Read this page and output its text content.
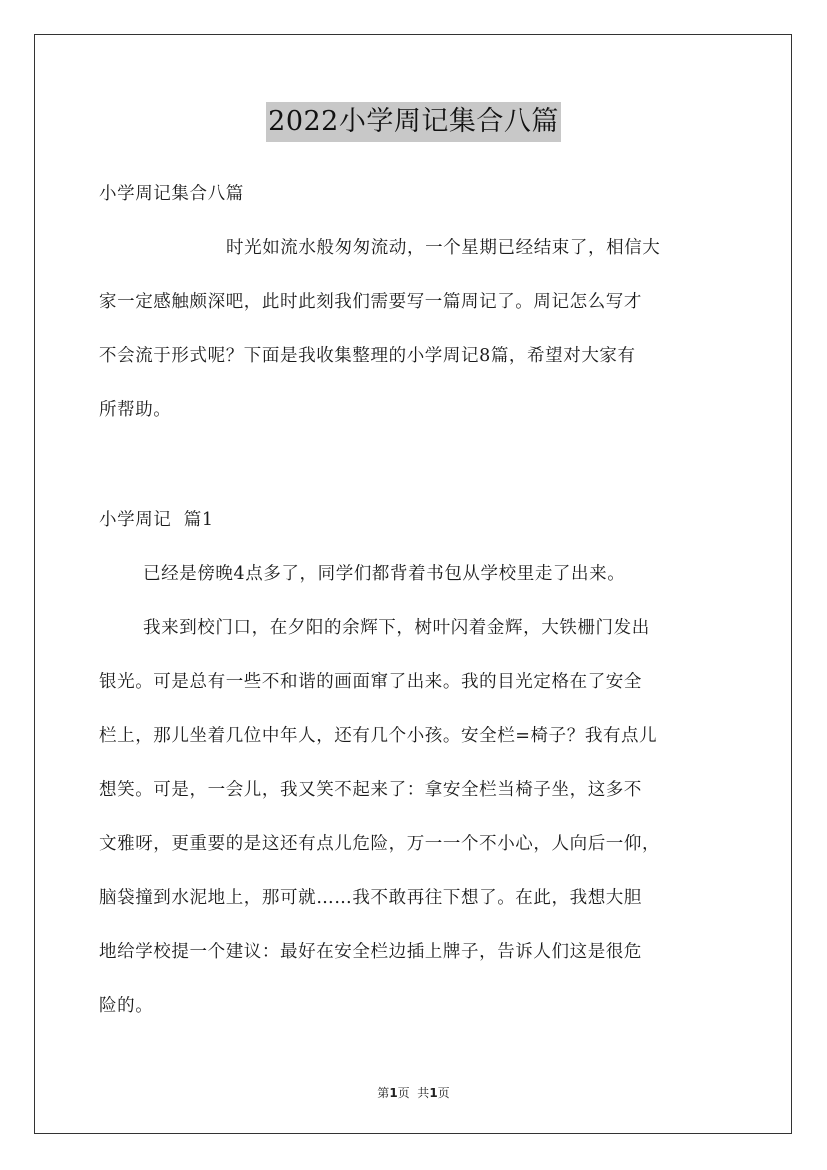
2022小学周记集合八篇

小学周记集合八篇

时光如流水般匆匆流动，一个星期已经结束了，相信大
家一定感触颇深吧，此时此刻我们需要写一篇周记了。周记怎么写才
不会流于形式呢？下面是我收集整理的小学周记8篇，希望对大家有
所帮助。

小学周记  篇1

已经是傍晚4点多了，同学们都背着书包从学校里走了出来。

我来到校门口，在夕阳的余辉下，树叶闪着金辉，大铁栅门发出
银光。可是总有一些不和谐的画面窜了出来。我的目光定格在了安全
栏上，那儿坐着几位中年人，还有几个小孩。安全栏=椅子？我有点儿
想笑。可是，一会儿，我又笑不起来了：拿安全栏当椅子坐，这多不
文雅呀，更重要的是这还有点儿危险，万一一个不小心，人向后一仰，
脑袋撞到水泥地上，那可就……我不敢再往下想了。在此，我想大胆
地给学校提一个建议：最好在安全栏边插上牌子，告诉人们这是很危
险的。

第1页  共1页
